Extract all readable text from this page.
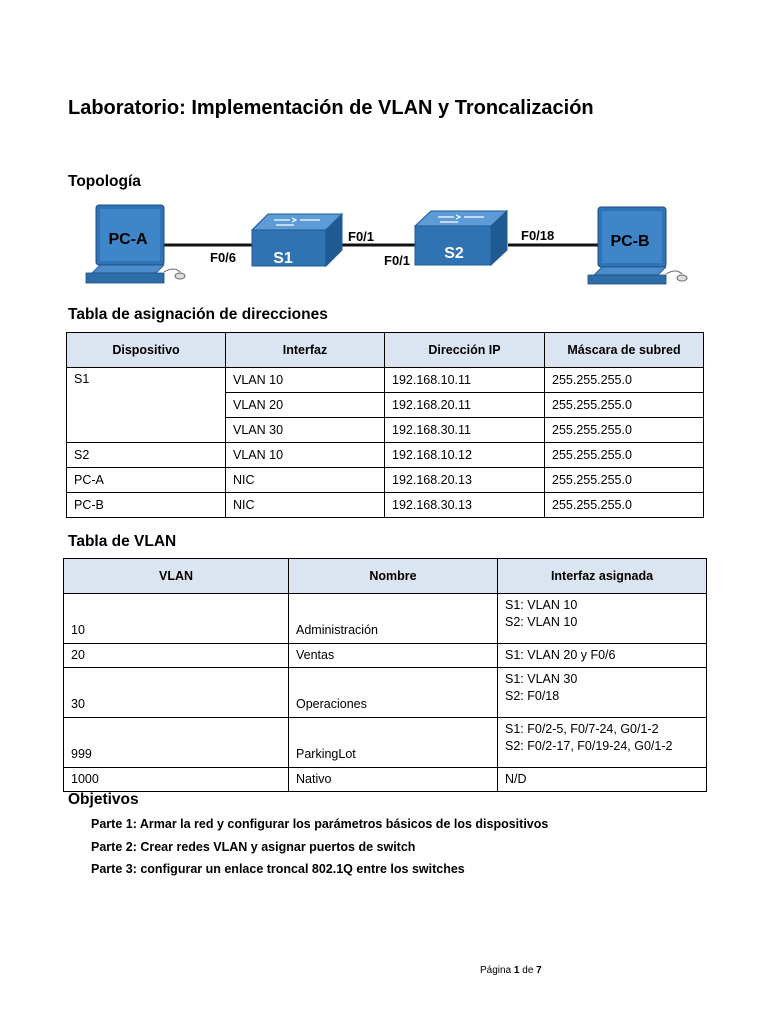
Laboratorio: Implementación de VLAN y Troncalización
Topología
PC-A	PC-B
S1	S2
F0/6
F0/1
F0/1
F0/18
Tabla de asignación de direcciones
Dispositivo	Interfaz	Dirección IP	Máscara de subred
S1	VLAN 10	192.168.10.11	255.255.255.0
	VLAN 20	192.168.20.11	255.255.255.0
	VLAN 30	192.168.30.11	255.255.255.0
S2	VLAN 10	192.168.10.12	255.255.255.0
PC-A	NIC	192.168.20.13	255.255.255.0
PC-B	NIC	192.168.30.13	255.255.255.0
Tabla de VLAN
VLAN	Nombre	Interfaz asignada
10	Administración	S1: VLAN 10
S2: VLAN 10

20	Ventas	S1: VLAN 20 y F0/6

30	Operaciones	S1: VLAN 30
S2: F0/18

999	ParkingLot	S1: F0/2-5, F0/7-24, G0/1-2
S2: F0/2-17, F0/19-24, G0/1-2

1000	Nativo	N/D
Objetivos
Parte 1: Armar la red y configurar los parámetros básicos de los dispositivos
Parte 2: Crear redes VLAN y asignar puertos de switch
Parte 3: configurar un enlace troncal 802.1Q entre los switches
Página 1 de 7
